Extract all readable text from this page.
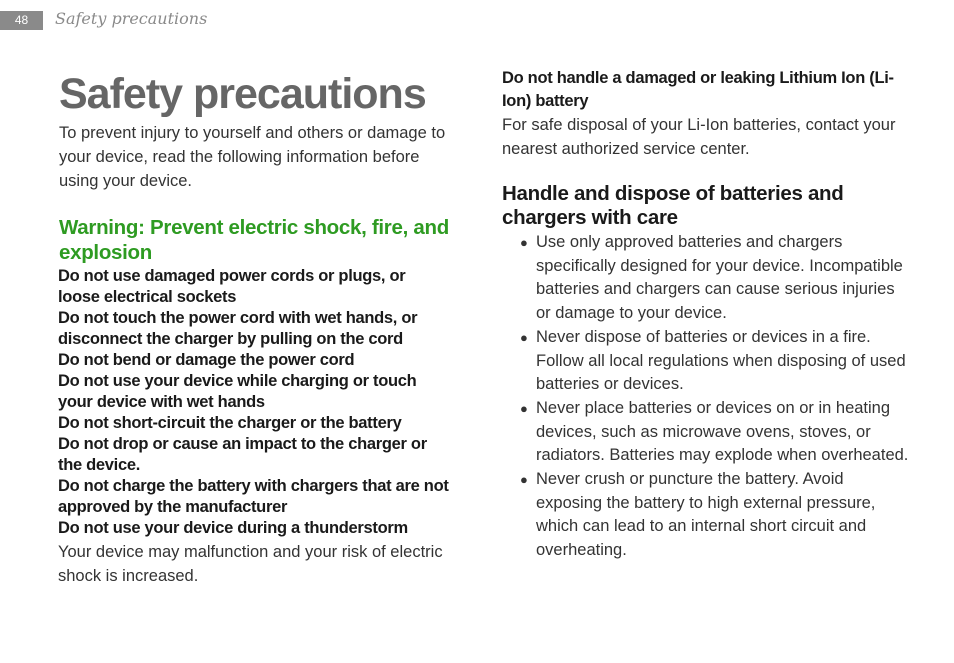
48	Safety precautions
Safety precautions
To prevent injury to yourself and others or damage to your device, read the following information before using your device.
Warning: Prevent electric shock, fire, and explosion
Do not use damaged power cords or plugs, or loose electrical sockets
Do not touch the power cord with wet hands, or disconnect the charger by pulling on the cord
Do not bend or damage the power cord
Do not use your device while charging or touch your device with wet hands
Do not short-circuit the charger or the battery
Do not drop or cause an impact to the charger or the device.
Do not charge the battery with chargers that are not approved by the manufacturer
Do not use your device during a thunderstorm
Your device may malfunction and your risk of electric shock is increased.
Do not handle a damaged or leaking Lithium Ion (Li-Ion) battery
For safe disposal of your Li-Ion batteries, contact your nearest authorized service center.
Handle and dispose of batteries and chargers with care
● Use only approved batteries and chargers specifically designed for your device. Incompatible batteries and chargers can cause serious injuries or damage to your device.
● Never dispose of batteries or devices in a fire. Follow all local regulations when disposing of used batteries or devices.
● Never place batteries or devices on or in heating devices, such as microwave ovens, stoves, or radiators. Batteries may explode when overheated.
● Never crush or puncture the battery. Avoid exposing the battery to high external pressure, which can lead to an internal short circuit and overheating.
